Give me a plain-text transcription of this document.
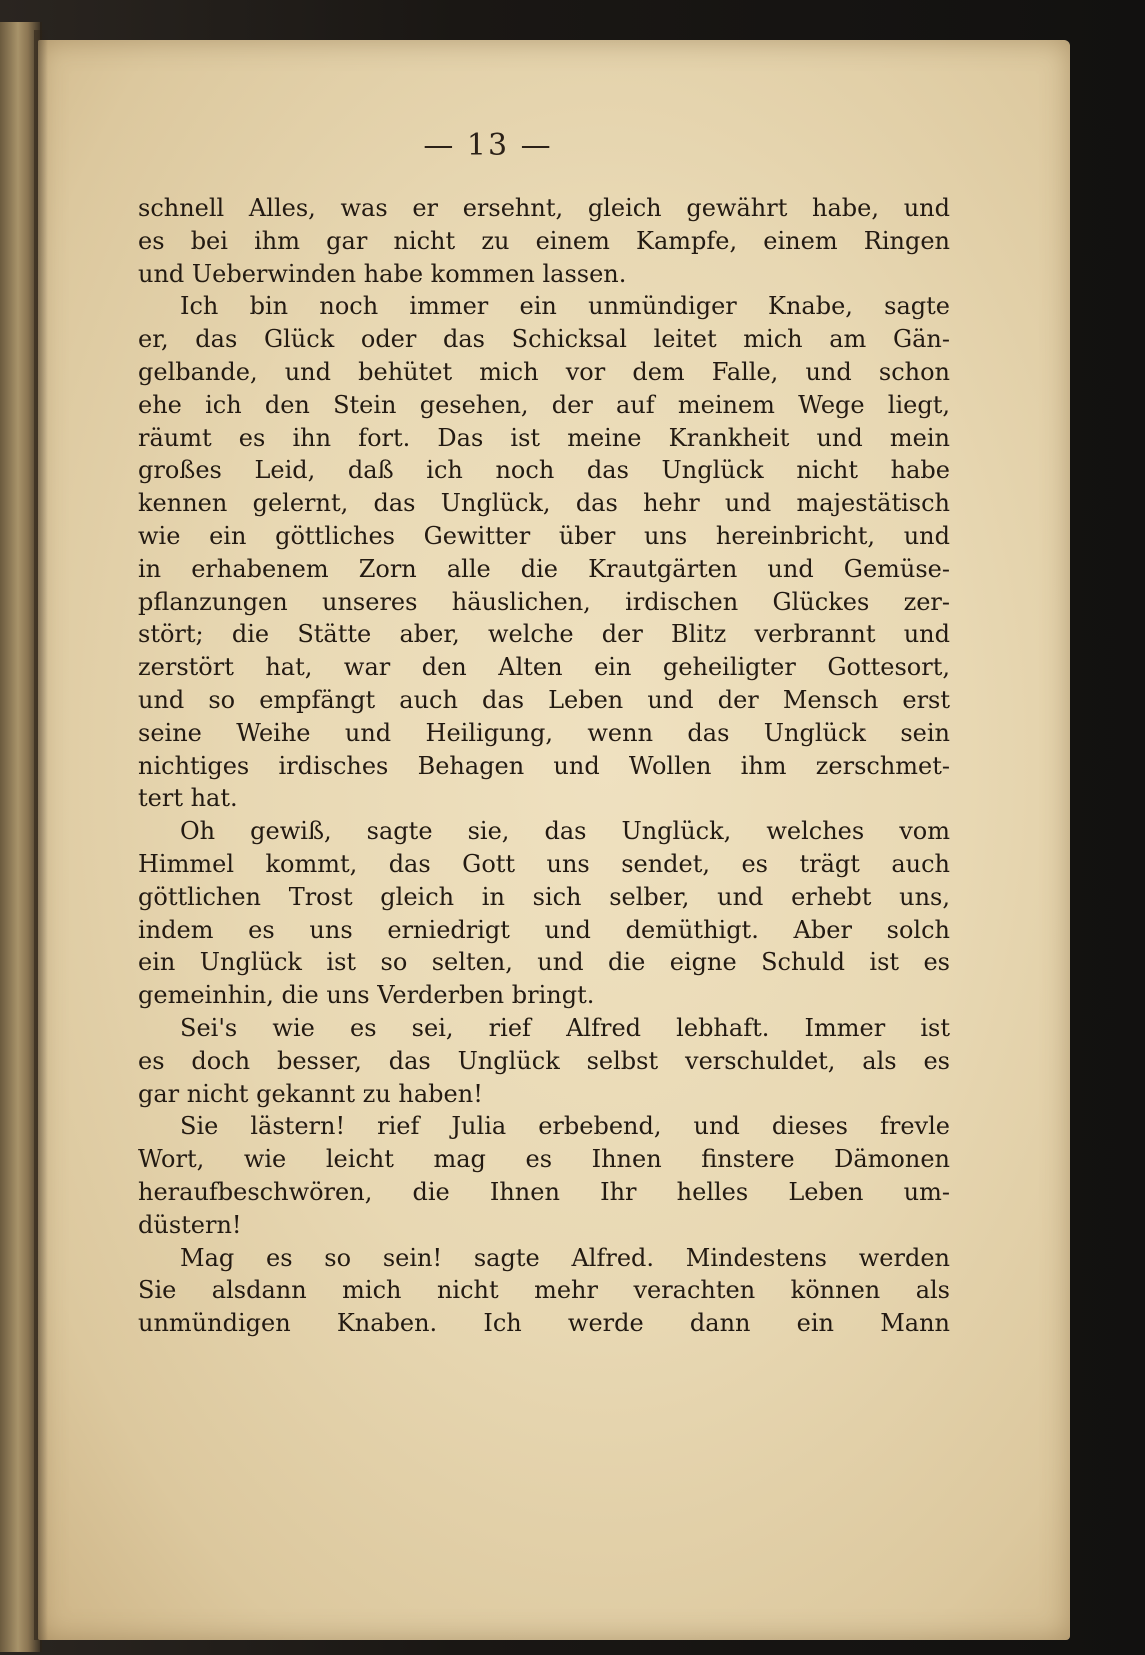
— 13 —
schnell Alles, was er ersehnt, gleich gewährt habe, und
es bei ihm gar nicht zu einem Kampfe, einem Ringen
und Ueberwinden habe kommen lassen.
Ich bin noch immer ein unmündiger Knabe, sagte
er, das Glück oder das Schicksal leitet mich am Gän-
gelbande, und behütet mich vor dem Falle, und schon
ehe ich den Stein gesehen, der auf meinem Wege liegt,
räumt es ihn fort. Das ist meine Krankheit und mein
großes Leid, daß ich noch das Unglück nicht habe
kennen gelernt, das Unglück, das hehr und majestätisch
wie ein göttliches Gewitter über uns hereinbricht, und
in erhabenem Zorn alle die Krautgärten und Gemüse-
pflanzungen unseres häuslichen, irdischen Glückes zer-
stört; die Stätte aber, welche der Blitz verbrannt und
zerstört hat, war den Alten ein geheiligter Gottesort,
und so empfängt auch das Leben und der Mensch erst
seine Weihe und Heiligung, wenn das Unglück sein
nichtiges irdisches Behagen und Wollen ihm zerschmet-
tert hat.
Oh gewiß, sagte sie, das Unglück, welches vom
Himmel kommt, das Gott uns sendet, es trägt auch
göttlichen Trost gleich in sich selber, und erhebt uns,
indem es uns erniedrigt und demüthigt. Aber solch
ein Unglück ist so selten, und die eigne Schuld ist es
gemeinhin, die uns Verderben bringt.
Sei's wie es sei, rief Alfred lebhaft. Immer ist
es doch besser, das Unglück selbst verschuldet, als es
gar nicht gekannt zu haben!
Sie lästern! rief Julia erbebend, und dieses frevle
Wort, wie leicht mag es Ihnen finstere Dämonen
heraufbeschwören, die Ihnen Ihr helles Leben um-
düstern!
Mag es so sein! sagte Alfred. Mindestens werden
Sie alsdann mich nicht mehr verachten können als
unmündigen Knaben. Ich werde dann ein Mann
